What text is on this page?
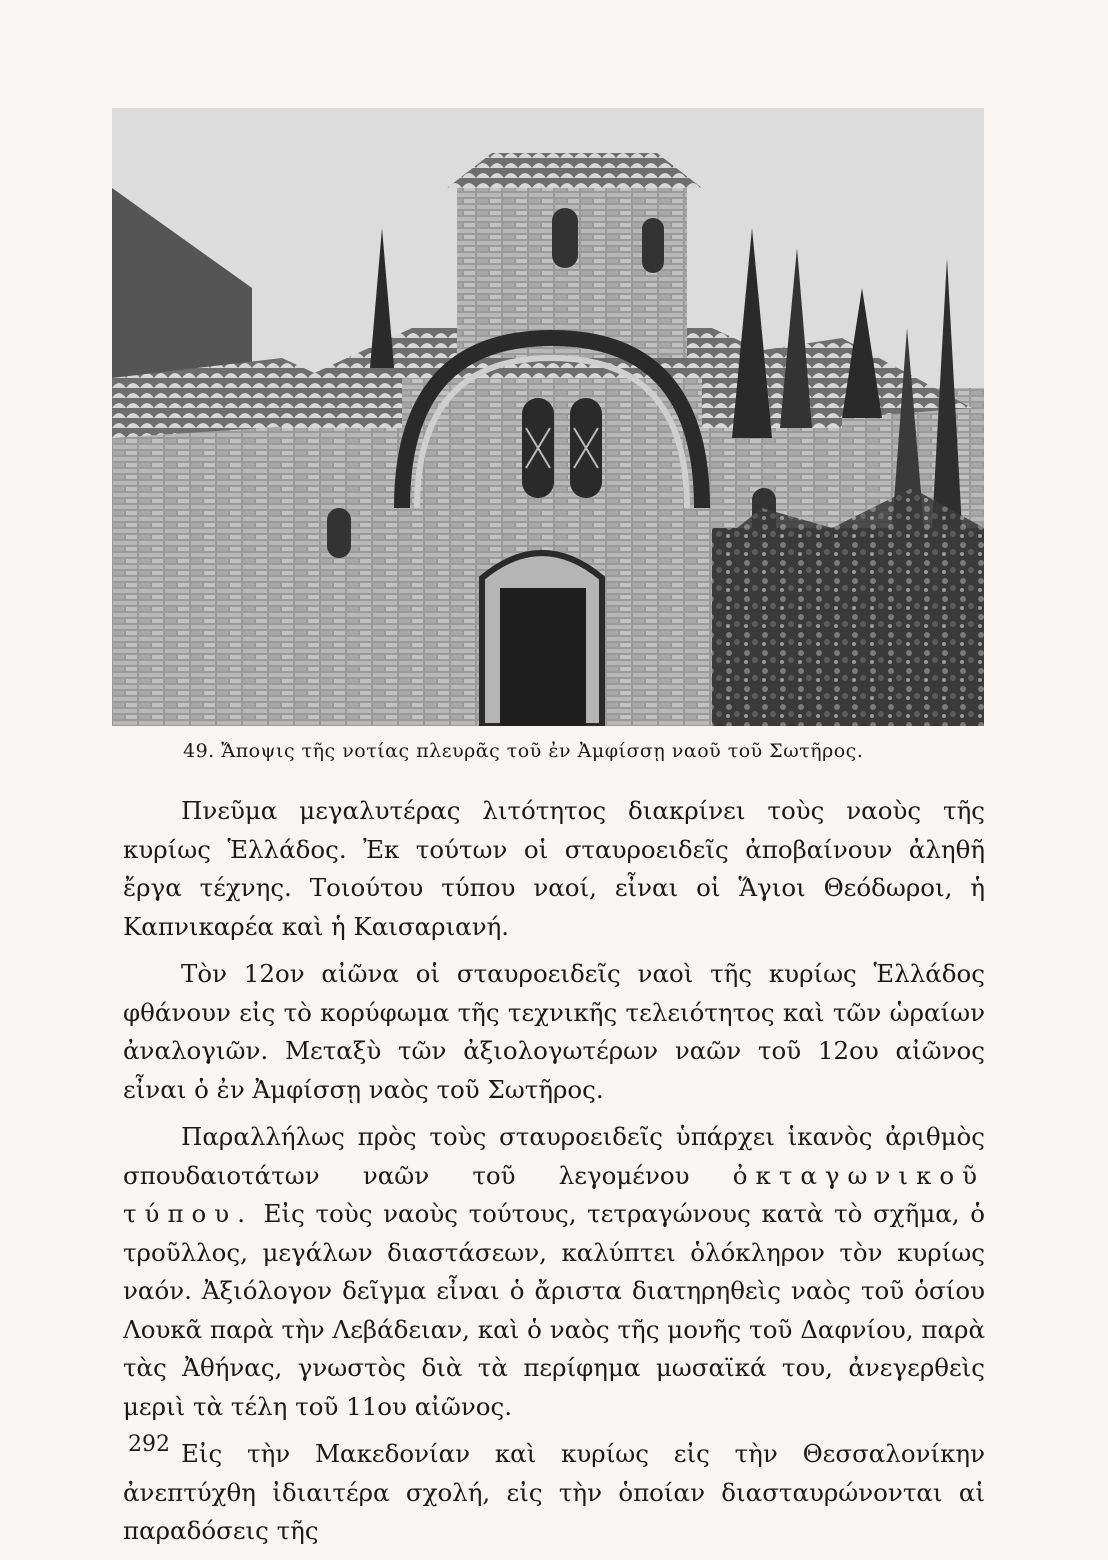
49. Ἄποψις τῆς νοτίας πλευρᾶς τοῦ ἐν Ἀμφίσσῃ ναοῦ τοῦ Σωτῆρος.

Πνεῦμα μεγαλυτέρας λιτότητος διακρίνει τοὺς ναοὺς τῆς κυρίως Ἑλλάδος. Ἐκ τούτων οἱ σταυροειδεῖς ἀποβαίνουν ἀληθῆ ἔργα τέχνης. Τοιούτου τύπου ναοί, εἶναι οἱ Ἅγιοι Θεόδωροι, ἡ Καπνικαρέα καὶ ἡ Καισαριανή.

Τὸν 12ον αἰῶνα οἱ σταυροειδεῖς ναοὶ τῆς κυρίως Ἑλλάδος φθάνουν εἰς τὸ κορύφωμα τῆς τεχνικῆς τελειότητος καὶ τῶν ὡραίων ἀναλογιῶν. Μεταξὺ τῶν ἀξιολογωτέρων ναῶν τοῦ 12ου αἰῶνος εἶναι ὁ ἐν Ἀμφίσσῃ ναὸς τοῦ Σωτῆρος.

Παραλλήλως πρὸς τοὺς σταυροειδεῖς ὑπάρχει ἱκανὸς ἀριθμὸς σπουδαιοτάτων ναῶν τοῦ λεγομένου ὀκταγωνικοῦ τύπου. Εἰς τοὺς ναοὺς τούτους, τετραγώνους κατὰ τὸ σχῆμα, ὁ τροῦλλος, μεγάλων διαστάσεων, καλύπτει ὁλόκληρον τὸν κυρίως ναόν. Ἀξιόλογον δεῖγμα εἶναι ὁ ἄριστα διατηρηθεὶς ναὸς τοῦ ὁσίου Λουκᾶ παρὰ τὴν Λεβάδειαν, καὶ ὁ ναὸς τῆς μονῆς τοῦ Δαφνίου, παρὰ τὰς Ἀθήνας, γνωστὸς διὰ τὰ περίφημα μωσαϊκά του, ἀνεγερθεὶς μεριὶ τὰ τέλη τοῦ 11ου αἰῶνος.

Εἰς τὴν Μακεδονίαν καὶ κυρίως εἰς τὴν Θεσσαλονίκην ἀνεπτύχθη ἰδιαιτέρα σχολή, εἰς τὴν ὁποίαν διασταυρώνονται αἱ παραδόσεις τῆς

292
